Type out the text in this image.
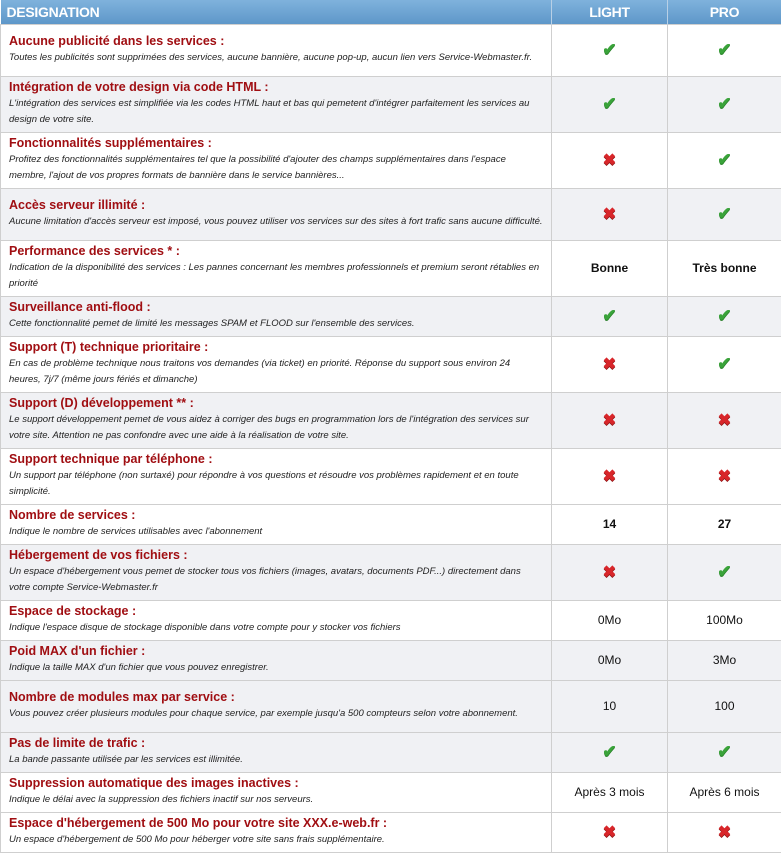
DESIGNATION	LIGHT	PRO

Aucune publicité dans les services :
Toutes les publicités sont supprimées des services, aucune bannière, aucune pop-up, aucun lien vers Service-Webmaster.fr.	✔	✔

Intégration de votre design via code HTML :
L'intégration des services est simplifiée via les codes HTML haut et bas qui pemetent d'intégrer parfaitement les services au design de votre site.	✔	✔

Fonctionnalités supplémentaires :
Profitez des fonctionnalités supplémentaires tel que la possibilité d'ajouter des champs supplémentaires dans l'espace membre, l'ajout de vos propres formats de bannière dans le service bannières...	✖	✔

Accès serveur illimité :
Aucune limitation d'accès serveur est imposé, vous pouvez utiliser vos services sur des sites à fort trafic sans aucune difficulté.	✖	✔

Performance des services * :
Indication de la disponibilité des services : Les pannes concernant les membres professionnels et premium seront rétablies en priorité	Bonne	Très bonne

Surveillance anti-flood :
Cette fonctionnalité pemet de limité les messages SPAM et FLOOD sur l'ensemble des services.	✔	✔

Support (T) technique prioritaire :
En cas de problème technique nous traitons vos demandes (via ticket) en priorité. Réponse du support sous environ 24 heures, 7j/7 (même jours fériés et dimanche)	✖	✔

Support (D) développement ** :
Le support développement pemet de vous aidez à corriger des bugs en programmation lors de l'intégration des services sur votre site. Attention ne pas confondre avec une aide à la réalisation de votre site.	✖	✖

Support technique par téléphone :
Un support par téléphone (non surtaxé) pour répondre à vos questions et résoudre vos problèmes rapidement et en toute simplicité.	✖	✖

Nombre de services :
Indique le nombre de services utilisables avec l'abonnement	14	27

Hébergement de vos fichiers :
Un espace d'hébergement vous pemet de stocker tous vos fichiers (images, avatars, documents PDF...) directement dans votre compte Service-Webmaster.fr	✖	✔

Espace de stockage :
Indique l'espace disque de stockage disponible dans votre compte pour y stocker vos fichiers	0Mo	100Mo

Poid MAX d'un fichier :
Indique la taille MAX d'un fichier que vous pouvez enregistrer.	0Mo	3Mo

Nombre de modules max par service :
Vous pouvez créer plusieurs modules pour chaque service, par exemple jusqu'a 500 compteurs selon votre abonnement.	10	100

Pas de limite de trafic :
La bande passante utilisée par les services est illimitée.	✔	✔

Suppression automatique des images inactives :
Indique le délai avec la suppression des fichiers inactif sur nos serveurs.	Après 3 mois	Après 6 mois

Espace d'hébergement de 500 Mo pour votre site XXX.e-web.fr :
Un espace d'hébergement de 500 Mo pour héberger votre site sans frais supplémentaire.	✖	✖
